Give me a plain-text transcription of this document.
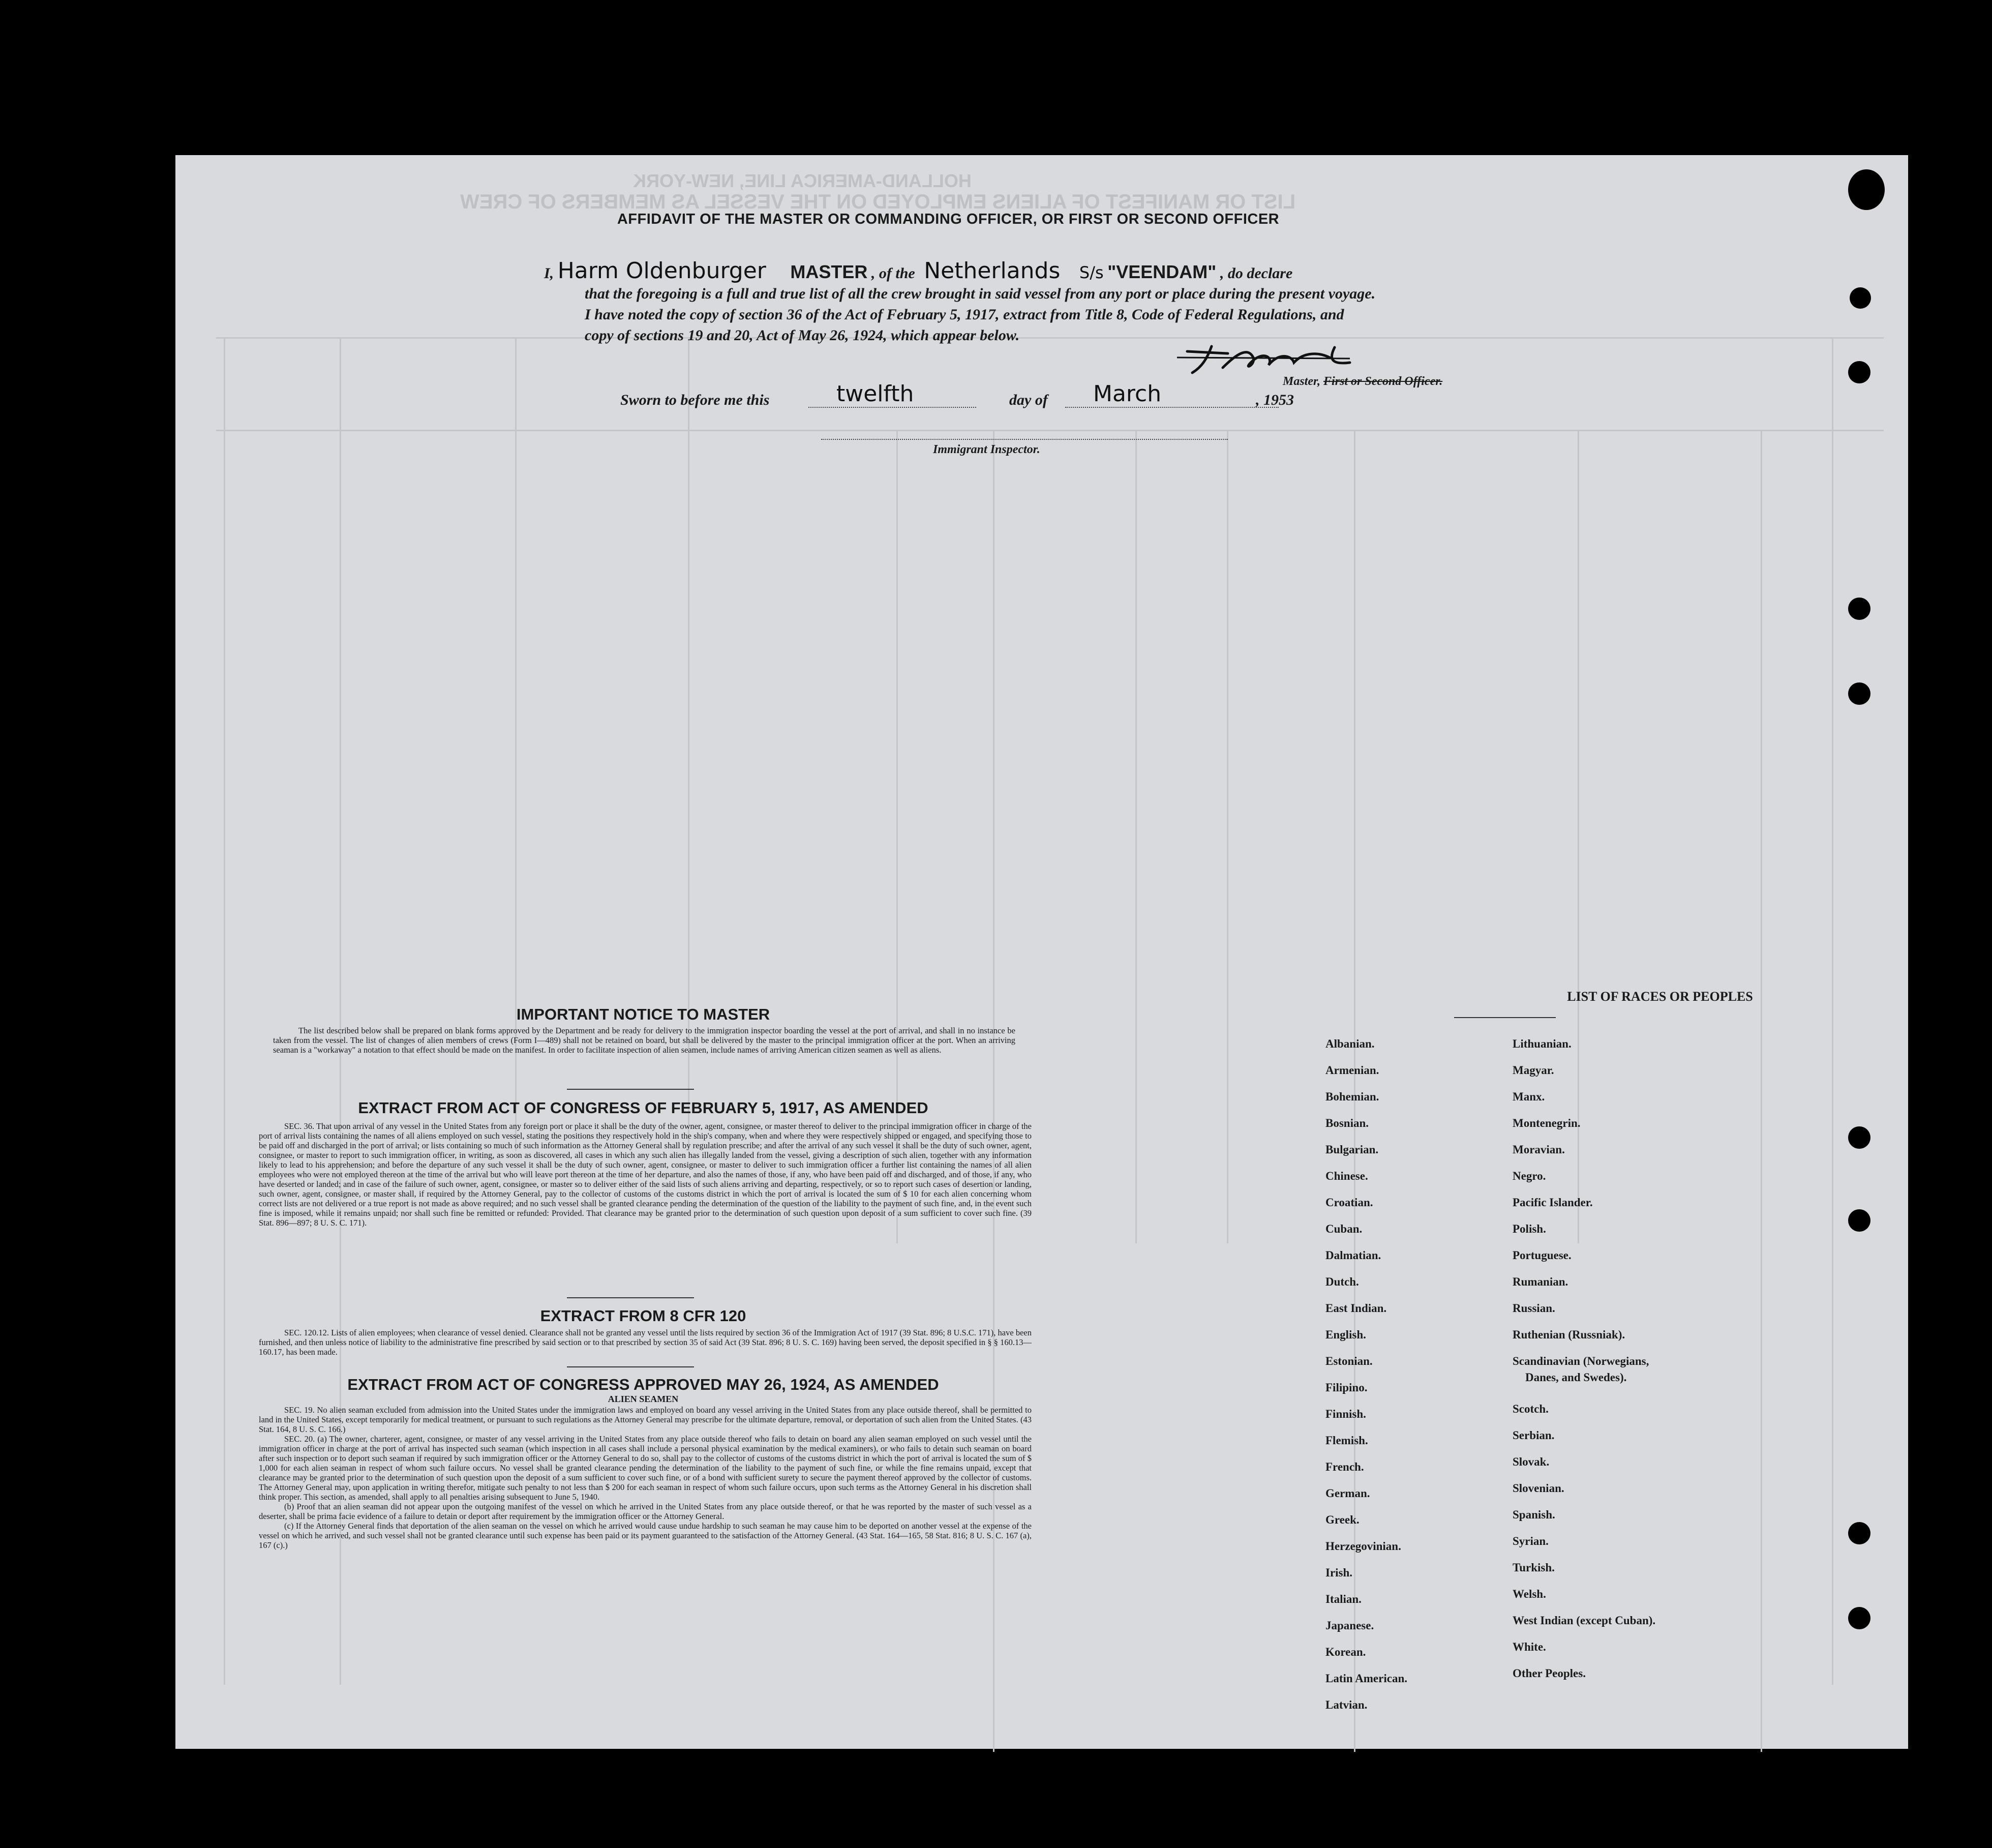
HOLLAND-AMERICA LINE, NEW-YORK
LIST OR MANIFEST OF ALIENS EMPLOYED ON THE VESSEL AS MEMBERS OF CREW
AFFIDAVIT OF THE MASTER OR COMMANDING OFFICER, OR FIRST OR SECOND OFFICER
I, Harm Oldenburger MASTER , of the Netherlands S/s "VEENDAM" , do declare
that the foregoing is a full and true list of all the crew brought in said vessel from any port or place during the present voyage.
I have noted the copy of section 36 of the Act of February 5, 1917, extract from Title 8, Code of Federal Regulations, and
copy of sections 19 and 20, Act of May 26, 1924, which appear below.
Master, First or Second Officer.
Sworn to before me this	twelfth	day of March	, 1953
Immigrant Inspector.
IMPORTANT NOTICE TO MASTER
The list described below shall be prepared on blank forms approved by the Department and be ready for delivery to the immigration inspector boarding the vessel at the port of arrival, and shall in no instance be taken from the vessel. The list of changes of alien members of crews (Form I—489) shall not be retained on board, but shall be delivered by the master to the principal immigration officer at the port. When an arriving seaman is a "workaway" a notation to that effect should be made on the manifest. In order to facilitate inspection of alien seamen, include names of arriving American citizen seamen as well as aliens.
EXTRACT FROM ACT OF CONGRESS OF FEBRUARY 5, 1917, AS AMENDED
SEC. 36. That upon arrival of any vessel in the United States from any foreign port or place it shall be the duty of the owner, agent, consignee, or master thereof to deliver to the principal immigration officer in charge of the port of arrival lists containing the names of all aliens employed on such vessel, stating the positions they respectively hold in the ship's company, when and where they were respectively shipped or engaged, and specifying those to be paid off and discharged in the port of arrival; or lists containing so much of such information as the Attorney General shall by regulation prescribe; and after the arrival of any such vessel it shall be the duty of such owner, agent, consignee, or master to report to such immigration officer, in writing, as soon as discovered, all cases in which any such alien has illegally landed from the vessel, giving a description of such alien, together with any information likely to lead to his apprehension; and before the departure of any such vessel it shall be the duty of such owner, agent, consignee, or master to deliver to such immigration officer a further list containing the names of all alien employees who were not employed thereon at the time of the arrival but who will leave port thereon at the time of her departure, and also the names of those, if any, who have been paid off and discharged, and of those, if any, who have deserted or landed; and in case of the failure of such owner, agent, consignee, or master so to deliver either of the said lists of such aliens arriving and departing, respectively, or so to report such cases of desertion or landing, such owner, agent, consignee, or master shall, if required by the Attorney General, pay to the collector of customs of the customs district in which the port of arrival is located the sum of $ 10 for each alien concerning whom correct lists are not delivered or a true report is not made as above required; and no such vessel shall be granted clearance pending the determination of the question of the liability to the payment of such fine, and, in the event such fine is imposed, while it remains unpaid; nor shall such fine be remitted or refunded: Provided. That clearance may be granted prior to the determination of such question upon deposit of a sum sufficient to cover such fine. (39 Stat. 896—897; 8 U. S. C. 171).
EXTRACT FROM 8 CFR 120
SEC. 120.12. Lists of alien employees; when clearance of vessel denied. Clearance shall not be granted any vessel until the lists required by section 36 of the Immigration Act of 1917 (39 Stat. 896; 8 U.S.C. 171), have been furnished, and then unless notice of liability to the administrative fine prescribed by said section or to that prescribed by section 35 of said Act (39 Stat. 896; 8 U. S. C. 169) having been served, the deposit specified in § § 160.13—160.17, has been made.
EXTRACT FROM ACT OF CONGRESS APPROVED MAY 26, 1924, AS AMENDED
ALIEN SEAMEN
SEC. 19. No alien seaman excluded from admission into the United States under the immigration laws and employed on board any vessel arriving in the United States from any place outside thereof, shall be permitted to land in the United States, except temporarily for medical treatment, or pursuant to such regulations as the Attorney General may prescribe for the ultimate departure, removal, or deportation of such alien from the United States. (43 Stat. 164, 8 U. S. C. 166.)
SEC. 20. (a) The owner, charterer, agent, consignee, or master of any vessel arriving in the United States from any place outside thereof who fails to detain on board any alien seaman employed on such vessel until the immigration officer in charge at the port of arrival has inspected such seaman (which inspection in all cases shall include a personal physical examination by the medical examiners), or who fails to detain such seaman on board after such inspection or to deport such seaman if required by such immigration officer or the Attorney General to do so, shall pay to the collector of customs of the customs district in which the port of arrival is located the sum of $ 1,000 for each alien seaman in respect of whom such failure occurs. No vessel shall be granted clearance pending the determination of the liability to the payment of such fine, or while the fine remains unpaid, except that clearance may be granted prior to the determination of such question upon the deposit of a sum sufficient to cover such fine, or of a bond with sufficient surety to secure the payment thereof approved by the collector of customs. The Attorney General may, upon application in writing therefor, mitigate such penalty to not less than $ 200 for each seaman in respect of whom such failure occurs, upon such terms as the Attorney General in his discretion shall think proper. This section, as amended, shall apply to all penalties arising subsequent to June 5, 1940.
(b) Proof that an alien seaman did not appear upon the outgoing manifest of the vessel on which he arrived in the United States from any place outside thereof, or that he was reported by the master of such vessel as a deserter, shall be prima facie evidence of a failure to detain or deport after requirement by the immigration officer or the Attorney General.
(c) If the Attorney General finds that deportation of the alien seaman on the vessel on which he arrived would cause undue hardship to such seaman he may cause him to be deported on another vessel at the expense of the vessel on which he arrived, and such vessel shall not be granted clearance until such expense has been paid or its payment guaranteed to the satisfaction of the Attorney General. (43 Stat. 164—165, 58 Stat. 816; 8 U. S. C. 167 (a), 167 (c).)
LIST OF RACES OR PEOPLES
Albanian.
Armenian.
Bohemian.
Bosnian.
Bulgarian.
Chinese.
Croatian.
Cuban.
Dalmatian.
Dutch.
East Indian.
English.
Estonian.
Filipino.
Finnish.
Flemish.
French.
German.
Greek.
Herzegovinian.
Irish.
Italian.
Japanese.
Korean.
Latin American.
Latvian.
Lithuanian.
Magyar.
Manx.
Montenegrin.
Moravian.
Negro.
Pacific Islander.
Polish.
Portuguese.
Rumanian.
Russian.
Ruthenian (Russniak).
Scandinavian (Norwegians,
Danes, and Swedes).
Scotch.
Serbian.
Slovak.
Slovenian.
Spanish.
Syrian.
Turkish.
Welsh.
West Indian (except Cuban).
White.
Other Peoples.
